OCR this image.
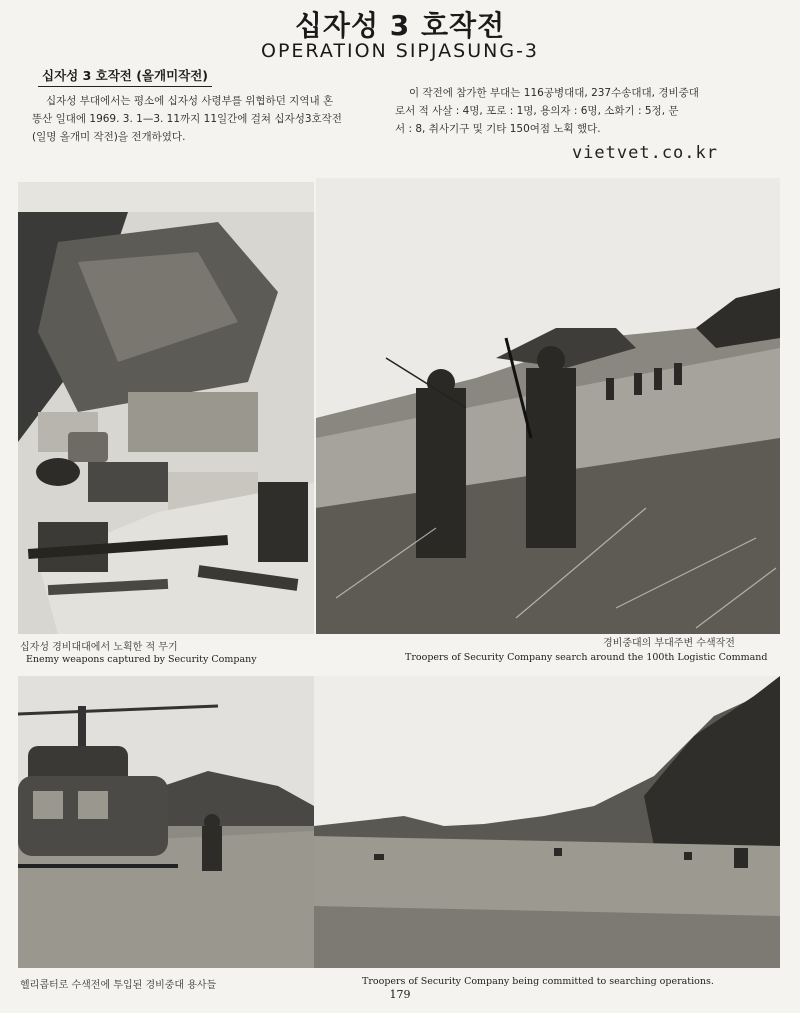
십자성 3 호작전
OPERATION SIPJASUNG-3
십자성 3 호작전 (올개미작전)
십자성 부대에서는 평소에 십자성 사령부를 위협하던 지역내 혼
똥산 일대에 1969. 3. 1—3. 11까지 11일간에 걸쳐 십자성3호작전
(일명 올개미 작전)을 전개하였다.
이 작전에 참가한 부대는 116공병대대, 237수송대대, 경비중대
로서 적 사살 : 4명, 포로 : 1명, 용의자 : 6명, 소화기 : 5정, 문
서 : 8, 취사기구 및 기타 150여점 노획 했다.
vietvet.co.kr
십자성 경비대대에서 노획한 적 무기
Enemy weapons captured by Security Company
경비중대의 부대주변 수색작전
Troopers of Security Company search around the 100th Logistic Command
헬리콥터로 수색전에 투입된 경비중대 용사들	Troopers of Security Company being committed to searching operations.
179
